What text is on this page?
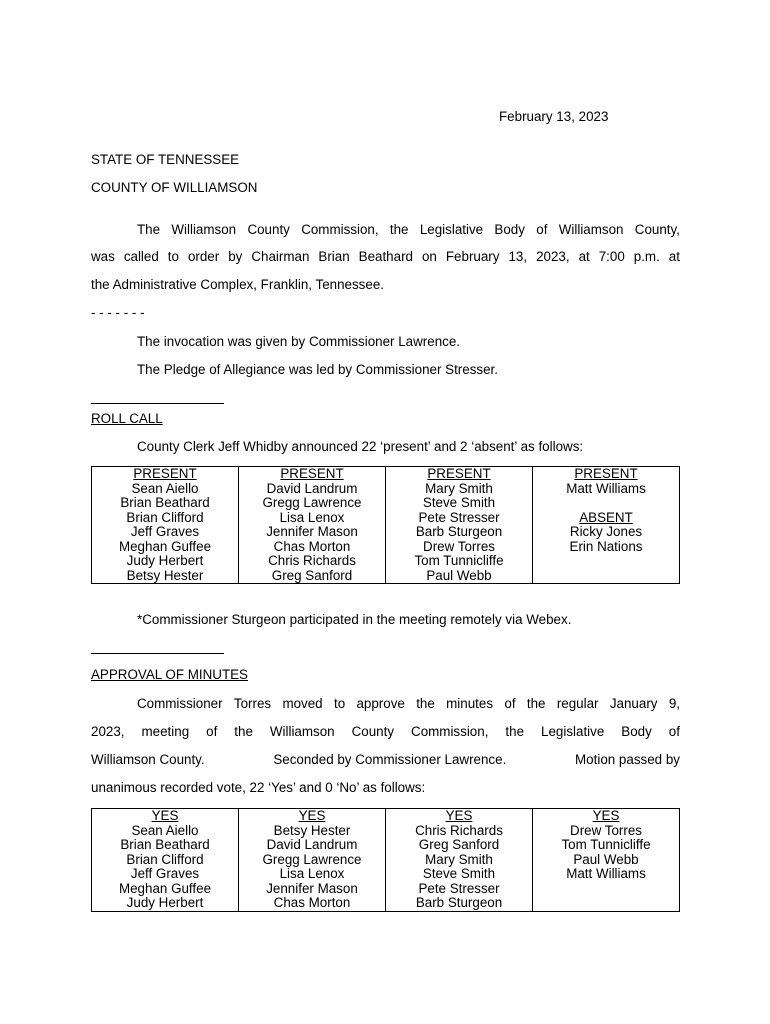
February 13, 2023
STATE OF TENNESSEE
COUNTY OF WILLIAMSON
The Williamson County Commission, the Legislative Body of Williamson County,
was called to order by Chairman Brian Beathard on February 13, 2023, at 7:00 p.m. at
the Administrative Complex, Franklin, Tennessee.
- - - - - - -
The invocation was given by Commissioner Lawrence.
The Pledge of Allegiance was led by Commissioner Stresser.
ROLL CALL
County Clerk Jeff Whidby announced 22 ‘present’ and 2 ‘absent’ as follows:
PRESENT	PRESENT	PRESENT	PRESENT
Sean Aiello	David Landrum	Mary Smith	Matt Williams
Brian Beathard	Gregg Lawrence	Steve Smith	
Brian Clifford	Lisa Lenox	Pete Stresser	ABSENT
Jeff Graves	Jennifer Mason	Barb Sturgeon	Ricky Jones
Meghan Guffee	Chas Morton	Drew Torres	Erin Nations
Judy Herbert	Chris Richards	Tom Tunnicliffe	
Betsy Hester	Greg Sanford	Paul Webb	
*Commissioner Sturgeon participated in the meeting remotely via Webex.
APPROVAL OF MINUTES
Commissioner Torres moved to approve the minutes of the regular January 9,
2023, meeting of the Williamson County Commission, the Legislative Body of
Williamson County.	Seconded by Commissioner Lawrence.	Motion passed by
unanimous recorded vote, 22 ‘Yes’ and 0 ‘No’ as follows:
YES	YES	YES	YES
Sean Aiello	Betsy Hester	Chris Richards	Drew Torres
Brian Beathard	David Landrum	Greg Sanford	Tom Tunnicliffe
Brian Clifford	Gregg Lawrence	Mary Smith	Paul Webb
Jeff Graves	Lisa Lenox	Steve Smith	Matt Williams
Meghan Guffee	Jennifer Mason	Pete Stresser	
Judy Herbert	Chas Morton	Barb Sturgeon	
